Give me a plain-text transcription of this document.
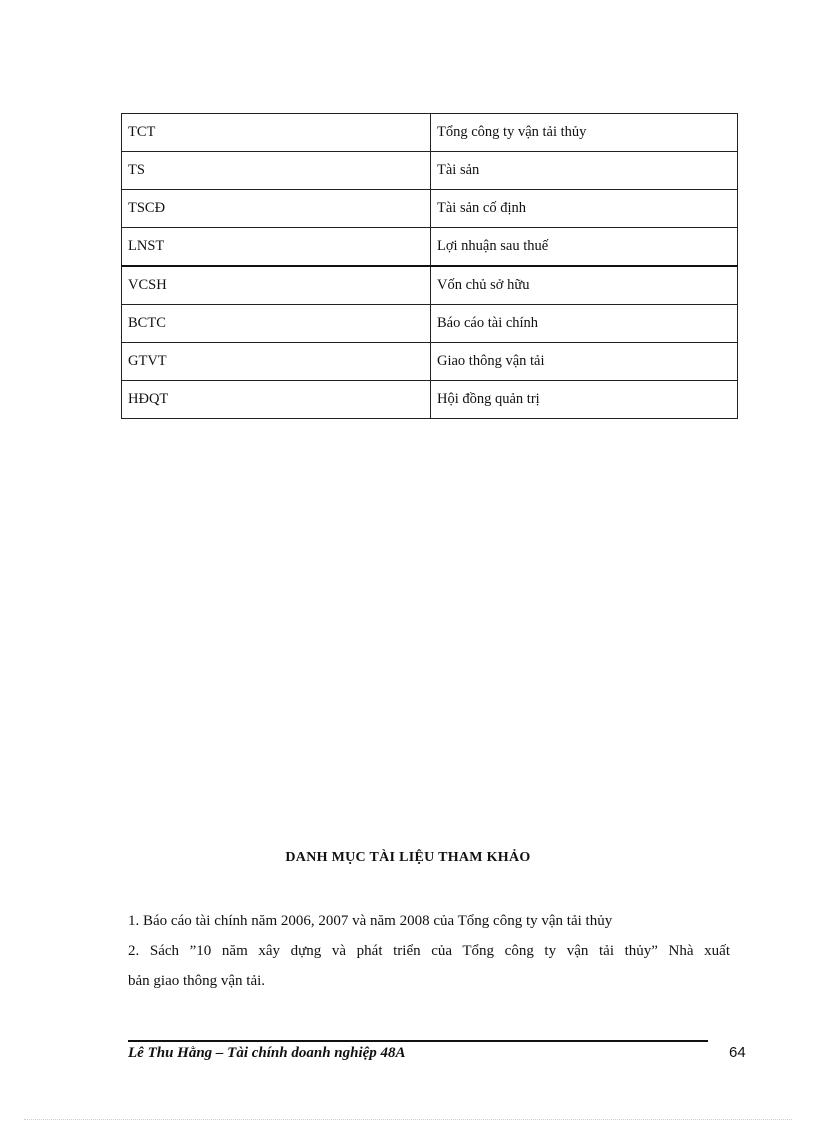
TCT	Tổng công ty vận tải thủy
TS	Tài sản
TSCĐ	Tài sản cố định
LNST	Lợi nhuận sau thuế
VCSH	Vốn chủ sở hữu
BCTC	Báo cáo tài chính
GTVT	Giao thông vận tải
HĐQT	Hội đồng quản trị
DANH MỤC TÀI LIỆU THAM KHẢO
1. Báo cáo tài chính năm 2006, 2007 và năm 2008 của Tổng công ty vận tải thủy
2. Sách ”10 năm xây dựng và phát triển của Tổng công ty vận tải thủy” Nhà xuất
bản giao thông vận tải.
Lê Thu Hằng – Tài chính doanh nghiệp 48A	64
